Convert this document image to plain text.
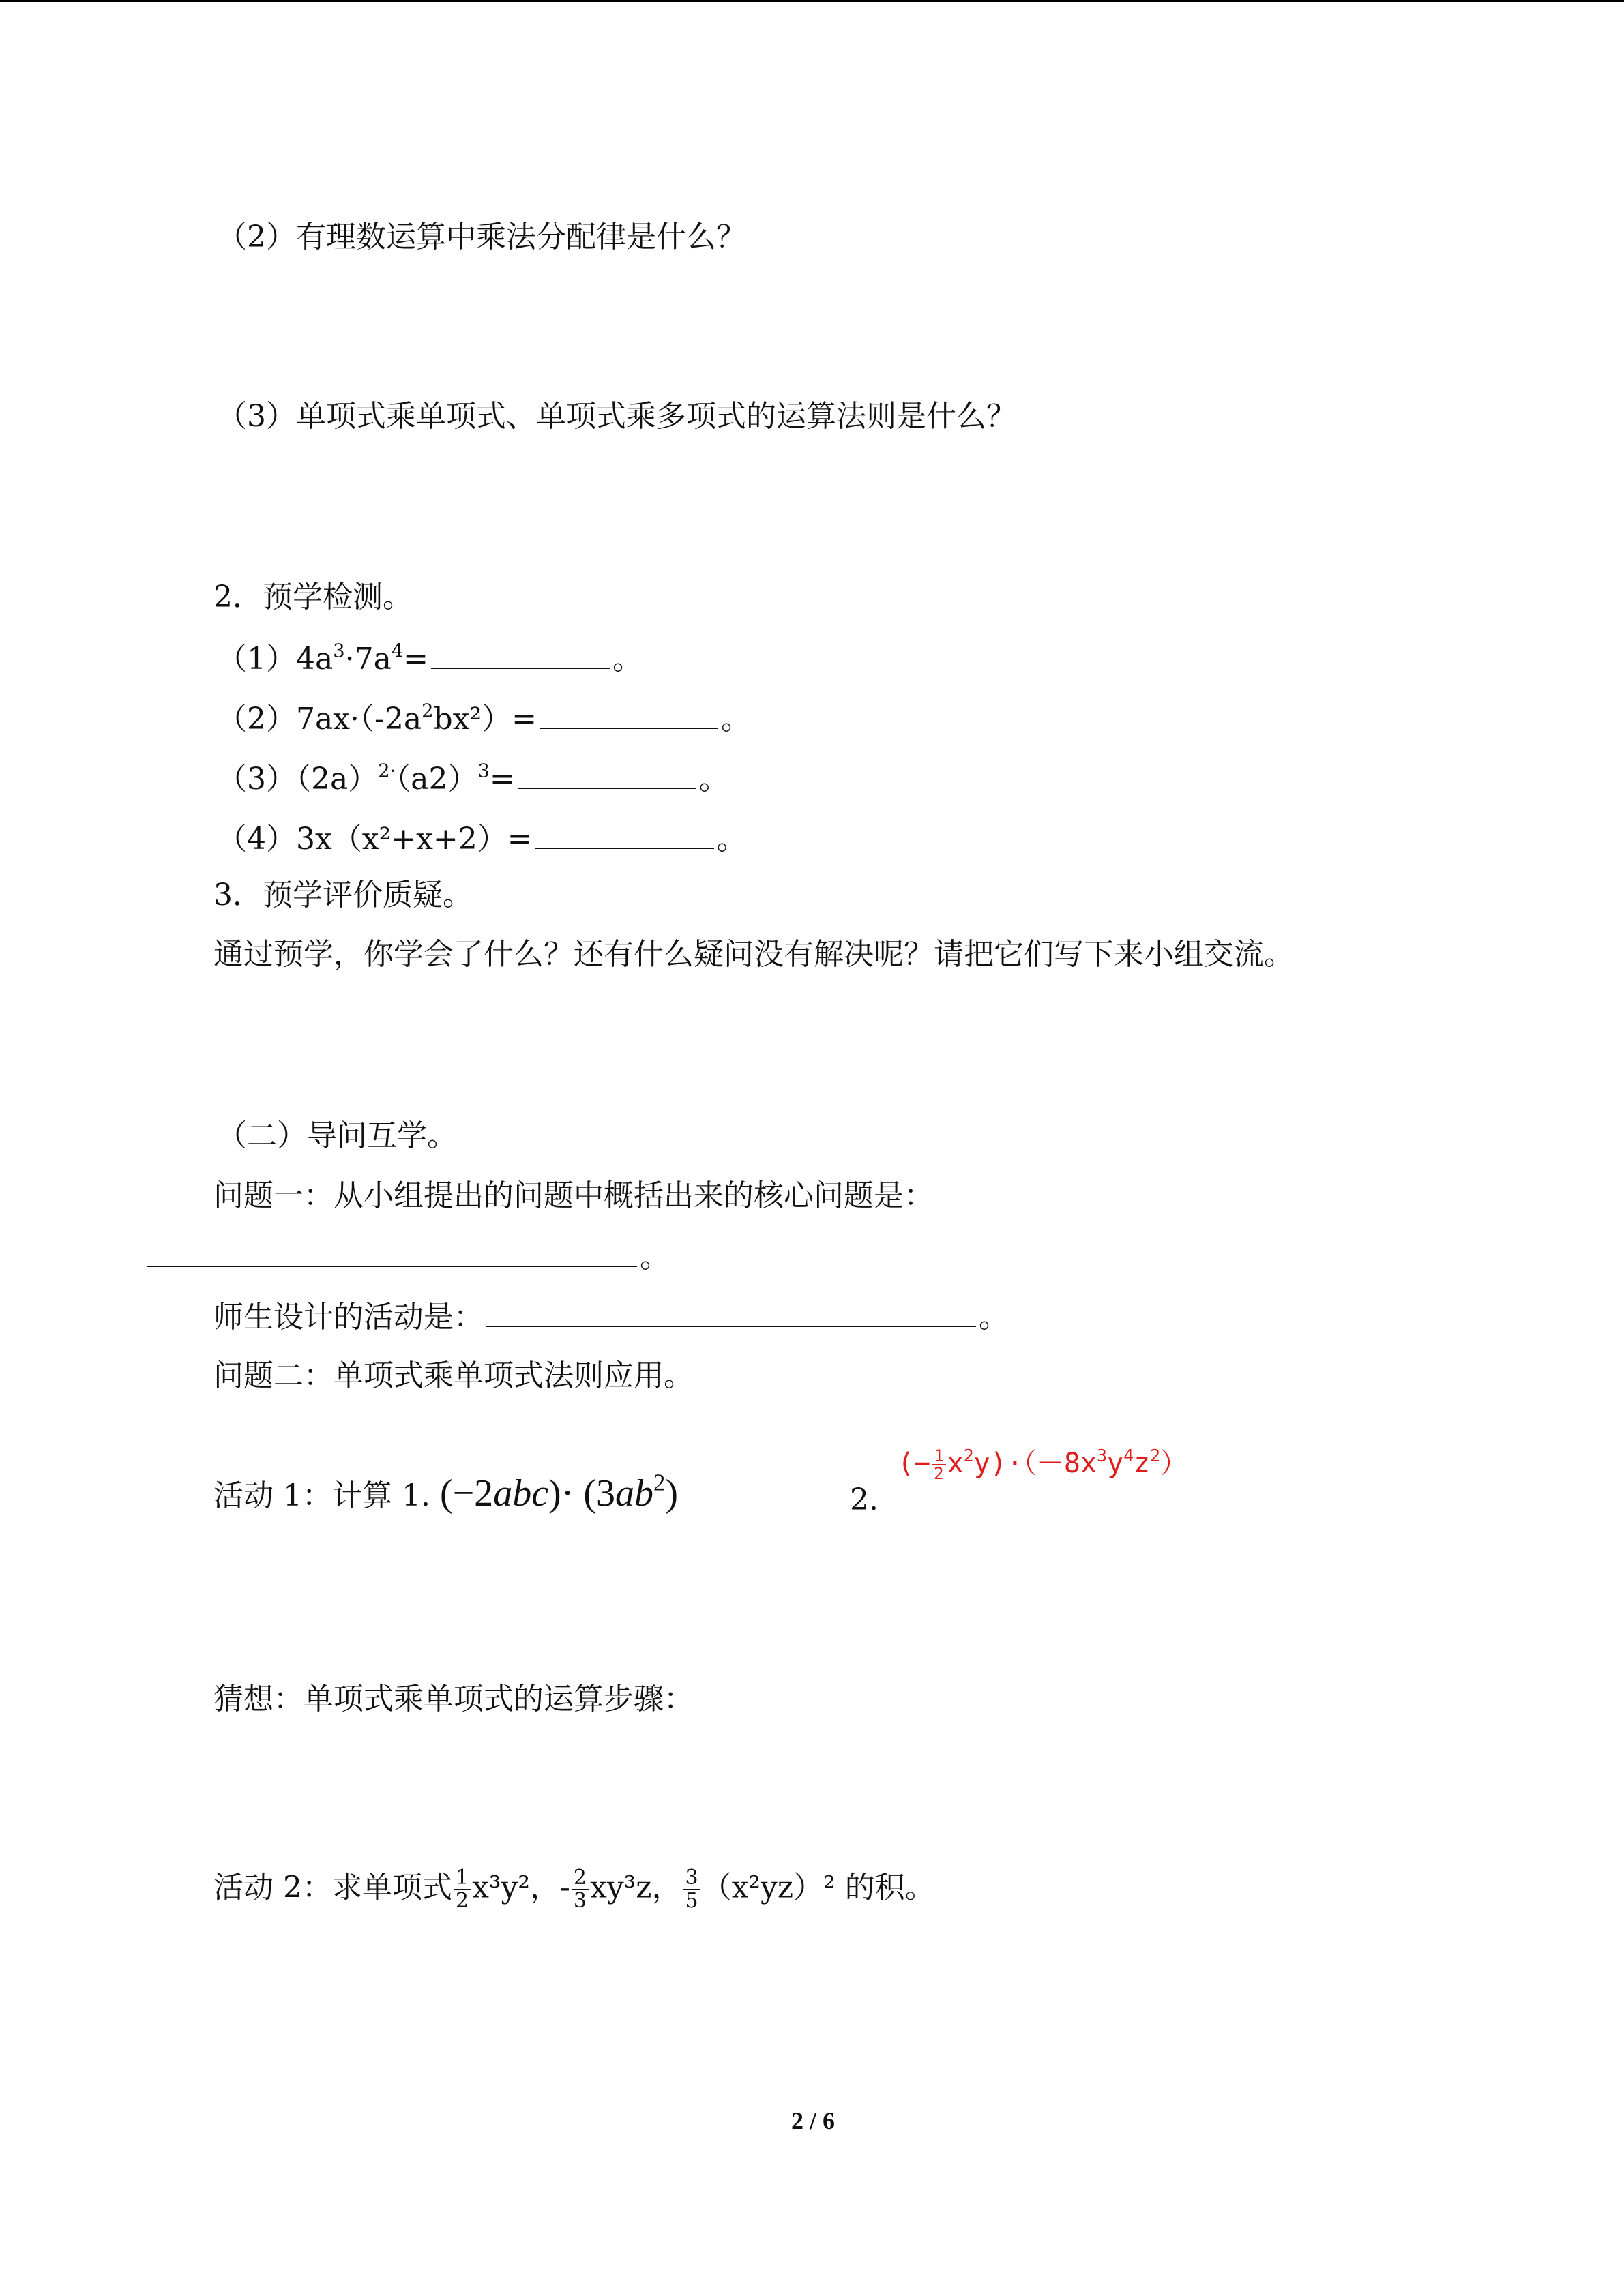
（2）有理数运算中乘法分配律是什么？
（3）单项式乘单项式、单项式乘多项式的运算法则是什么？
2．预学检测。
$(1)4a^3\cdot 7a^4=$	。
$(2)7ax\cdot(-2a^2bx^2)=$	。
$(3)(2a)^{2\cdot}(a2)^3=$	。
（4）3x（x²+x+2）=	。
3．预学评价质疑。
通过预学，你学会了什么？还有什么疑问没有解决呢？请把它们写下来小组交流。
（二）导问互学。
问题一：从小组提出的问题中概括出来的核心问题是：
。
师生设计的活动是：	。
问题二：单项式乘单项式法则应用。
活动 1：计算 1. $(-2abc)\cdot (3ab^2)$	2.
(− $\frac{1}{2} x^2y)\cdot(-8x^3y^4z^2)$
猜想：单项式乘单项式的运算步骤：
活动 2：求单项式 $\frac{1}{2} x^3y^2$，- $\frac{2}{3} xy^3z$， $\frac{3}{5} (x^2yz)^2$ 的积。
2 / 6
